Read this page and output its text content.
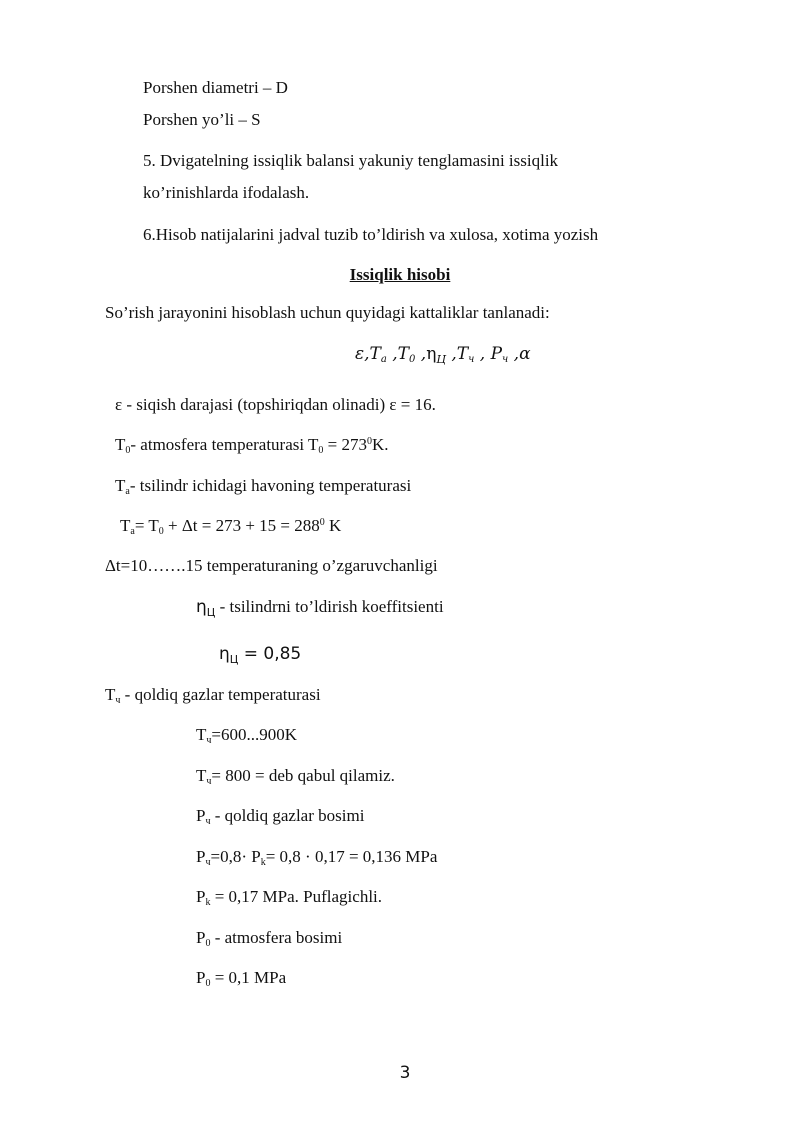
Porshen diametri – D
Porshen yo’li – S
5. Dvigatelning issiqlik balansi yakuniy tenglamasini issiqlik
ko’rinishlarda ifodalash.
6.Hisob natijalarini jadval tuzib to’ldirish va xulosa, xotima yozish
Issiqlik hisobi
So’rish jarayonini hisoblash uchun quyidagi kattaliklar tanlanadi:
$\varepsilon,T_a$ $,T_0$ $,\eta_Ц$ $,T_ч$ , $P_ч$ ,α
ε - siqish darajasi (topshiriqdan olinadi) ε = 16.
$T_0-$ atmosfera temperaturasi $T_0 = 273^0K$.
$T_a-$ tsilindr ichidagi havoning temperaturasi
$T_a= T_0 + \Delta t = 273 + 15 = 288^0$ K
Δt=10…….15 temperaturaning o’zgaruvchanligi
$\eta_Ц$ - tsilindrni to’ldirish koeffitsienti
$\eta_Ц = 0,85$
$T_ч$ - qoldiq gazlar temperaturasi
$T_ч=600...900K$
$T_ч= 800$ = deb qabul qilamiz.
$P_ч$ - qoldiq gazlar bosimi
$P_ч=0,8\cdot P_k= 0,8 \cdot 0,17 = 0,136$ MPa
$P_k = 0,17$ MPa. Puflagichli.
$P_0$ - atmosfera bosimi
$P_0 = 0,1$ MPa
3
